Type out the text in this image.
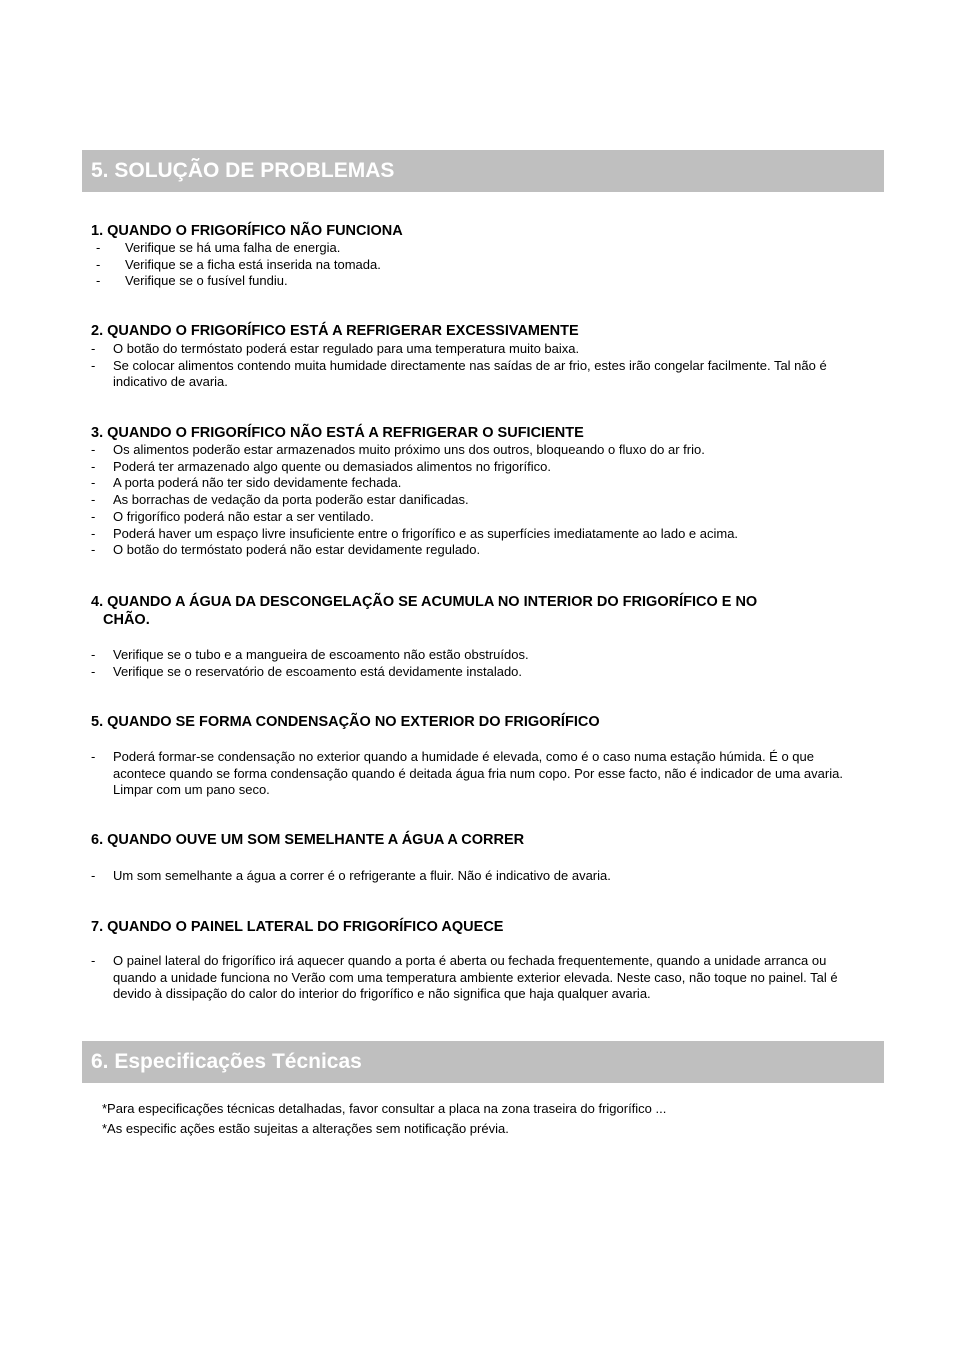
5. SOLUÇÃO DE PROBLEMAS
1. QUANDO O FRIGORÍFICO NÃO FUNCIONA
- Verifique se há uma falha de energia.
- Verifique se a ficha está inserida na tomada.
- Verifique se o fusível fundiu.
2. QUANDO O FRIGORÍFICO ESTÁ A REFRIGERAR EXCESSIVAMENTE
- O botão do termóstato poderá estar regulado para uma temperatura muito baixa.
- Se colocar alimentos contendo muita humidade directamente nas saídas de ar frio, estes irão congelar facilmente. Tal não é indicativo de avaria.
3. QUANDO O FRIGORÍFICO NÃO ESTÁ A REFRIGERAR O SUFICIENTE
- Os alimentos poderão estar armazenados muito próximo uns dos outros, bloqueando o fluxo do ar frio.
- Poderá ter armazenado algo quente ou demasiados alimentos no frigorífico.
- A porta poderá não ter sido devidamente fechada.
- As borrachas de vedação da porta poderão estar danificadas.
- O frigorífico poderá não estar a ser ventilado.
- Poderá haver um espaço livre insuficiente entre o frigorífico e as superfícies imediatamente ao lado e acima.
- O botão do termóstato poderá não estar devidamente regulado.
4. QUANDO A ÁGUA DA DESCONGELAÇÃO SE ACUMULA NO INTERIOR DO FRIGORÍFICO E NO
CHÃO.
- Verifique se o tubo e a mangueira de escoamento não estão obstruídos.
- Verifique se o reservatório de escoamento está devidamente instalado.
5. QUANDO SE FORMA CONDENSAÇÃO NO EXTERIOR DO FRIGORÍFICO
- Poderá formar-se condensação no exterior quando a humidade é elevada, como é o caso numa estação húmida. É o que acontece quando se forma condensação quando é deitada água fria num copo. Por esse facto, não é indicador de uma avaria. Limpar com um pano seco.
6. QUANDO OUVE UM SOM SEMELHANTE A ÁGUA A CORRER
- Um som semelhante a água a correr é o refrigerante a fluir. Não é indicativo de avaria.
7. QUANDO O PAINEL LATERAL DO FRIGORÍFICO AQUECE
- O painel lateral do frigorífico irá aquecer quando a porta é aberta ou fechada frequentemente, quando a unidade arranca ou quando a unidade funciona no Verão com uma temperatura ambiente exterior elevada. Neste caso, não toque no painel. Tal é devido à dissipação do calor do interior do frigorífico e não significa que haja qualquer avaria.
6. Especificações Técnicas
*Para especificações técnicas detalhadas, favor consultar a placa na zona traseira do frigorífico ...
*As especific ações estão sujeitas a alterações sem notificação prévia.
